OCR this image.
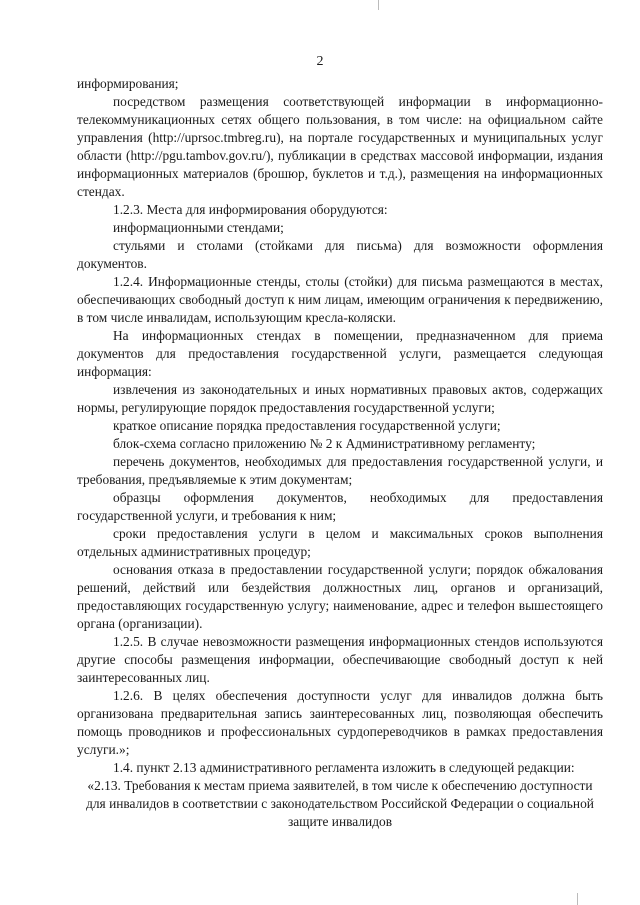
2

информирования;

посредством размещения соответствующей информации в информационно-телекоммуникационных сетях общего пользования, в том числе: на официальном сайте управления (http://uprsoc.tmbreg.ru), на портале государственных и муниципальных услуг области (http://pgu.tambov.gov.ru/), публикации в средствах массовой информации, издания информационных материалов (брошюр, буклетов и т.д.), размещения на информационных стендах.

1.2.3. Места для информирования оборудуются:

информационными стендами;

стульями и столами (стойками для письма) для возможности оформления документов.

1.2.4. Информационные стенды, столы (стойки) для письма размещаются в местах, обеспечивающих свободный доступ к ним лицам, имеющим ограничения к передвижению, в том числе инвалидам, использующим кресла-коляски.

На информационных стендах в помещении, предназначенном для приема документов для предоставления государственной услуги, размещается следующая информация:

извлечения из законодательных и иных нормативных правовых актов, содержащих нормы, регулирующие порядок предоставления государственной услуги;

краткое описание порядка предоставления государственной услуги;

блок-схема согласно приложению № 2 к Административному регламенту;

перечень документов, необходимых для предоставления государственной услуги, и требования, предъявляемые к этим документам;

образцы оформления документов, необходимых для предоставления государственной услуги, и требования к ним;

сроки предоставления услуги в целом и максимальных сроков выполнения отдельных административных процедур;

основания отказа в предоставлении государственной услуги; порядок обжалования решений, действий или бездействия должностных лиц, органов и организаций, предоставляющих государственную услугу; наименование, адрес и телефон вышестоящего органа (организации).

1.2.5. В случае невозможности размещения информационных стендов используются другие способы размещения информации, обеспечивающие свободный доступ к ней заинтересованных лиц.

1.2.6. В целях обеспечения доступности услуг для инвалидов должна быть организована предварительная запись заинтересованных лиц, позволяющая обеспечить помощь проводников и профессиональных сурдопереводчиков в рамках предоставления услуги.»;

1.4. пункт 2.13 административного регламента изложить в следующей редакции:

«2.13. Требования к местам приема заявителей, в том числе к обеспечению доступности для инвалидов в соответствии с законодательством Российской Федерации о социальной защите инвалидов
